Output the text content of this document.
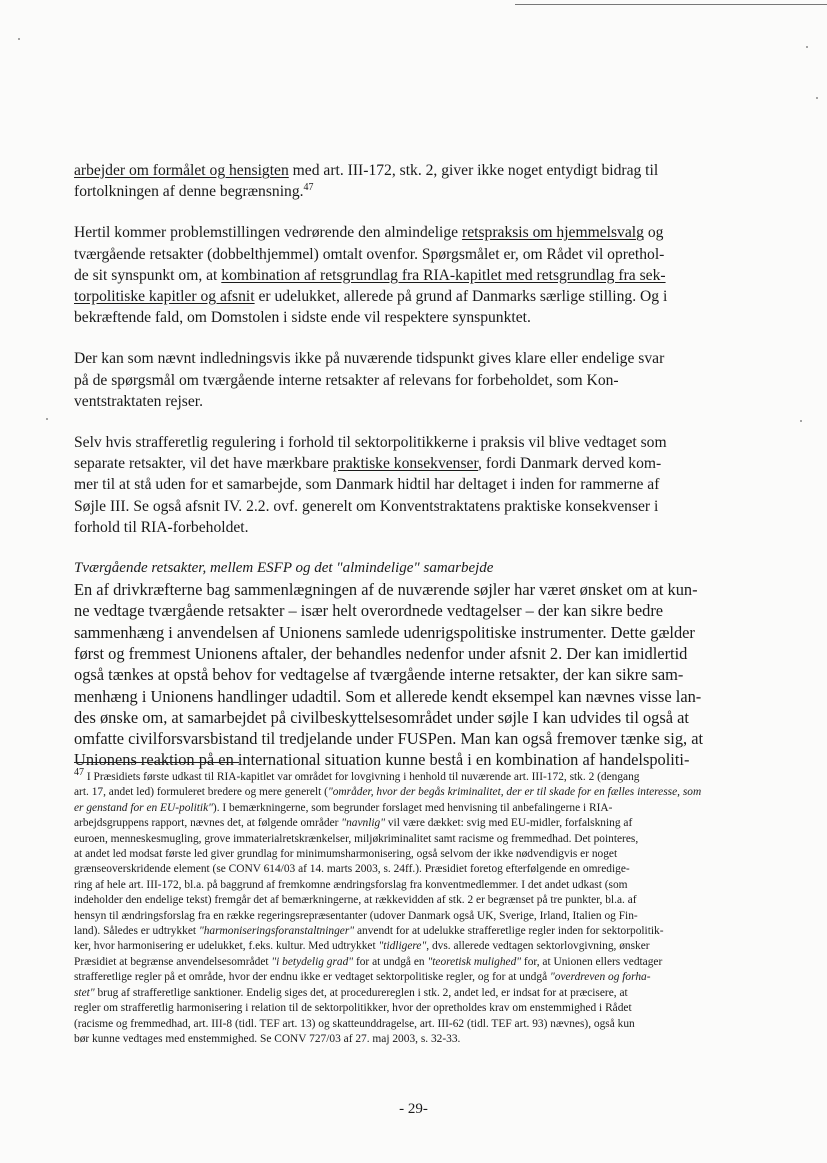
arbejder om formålet og hensigten med art. III-172, stk. 2, giver ikke noget entydigt bidrag til
fortolkningen af denne begrænsning.$^{47}$

Hertil kommer problemstillingen vedrørende den almindelige retspraksis om hjemmelsvalg og
tværgående retsakter (dobbelthjemmel) omtalt ovenfor. Spørgsmålet er, om Rådet vil oprethol-
de sit synspunkt om, at kombination af retsgrundlag fra RIA-kapitlet med retsgrundlag fra sek-
torpolitiske kapitler og afsnit er udelukket, allerede på grund af Danmarks særlige stilling. Og i
bekræftende fald, om Domstolen i sidste ende vil respektere synspunktet.

Der kan som nævnt indledningsvis ikke på nuværende tidspunkt gives klare eller endelige svar
på de spørgsmål om tværgående interne retsakter af relevans for forbeholdet, som Kon-
ventstraktaten rejser.

Selv hvis strafferetlig regulering i forhold til sektorpolitikkerne i praksis vil blive vedtaget som
separate retsakter, vil det have mærkbare praktiske konsekvenser, fordi Danmark derved kom-
mer til at stå uden for et samarbejde, som Danmark hidtil har deltaget i inden for rammerne af
Søjle III. Se også afsnit IV. 2.2. ovf. generelt om Konventstraktatens praktiske konsekvenser i
forhold til RIA-forbeholdet.

Tværgående retsakter, mellem ESFP og det "almindelige" samarbejde

En af drivkræfterne bag sammenlægningen af de nuværende søjler har været ønsket om at kun-
ne vedtage tværgående retsakter – især helt overordnede vedtagelser – der kan sikre bedre
sammenhæng i anvendelsen af Unionens samlede udenrigspolitiske instrumenter. Dette gælder
først og fremmest Unionens aftaler, der behandles nedenfor under afsnit 2. Der kan imidlertid
også tænkes at opstå behov for vedtagelse af tværgående interne retsakter, der kan sikre sam-
menhæng i Unionens handlinger udadtil. Som et allerede kendt eksempel kan nævnes visse lan-
des ønske om, at samarbejdet på civilbeskyttelsesområdet under søjle I kan udvides til også at
omfatte civilforsvarsbistand til tredjelande under FUSPen. Man kan også fremover tænke sig, at
Unionens reaktion på en international situation kunne bestå i en kombination af handelspoliti-

47 I Præsidiets første udkast til RIA-kapitlet var området for lovgivning i henhold til nuværende art. III-172, stk. 2 (dengang
art. 17, andet led) formuleret bredere og mere generelt ("områder, hvor der begås kriminalitet, der er til skade for en fælles interesse, som
er genstand for en EU-politik"). I bemærkningerne, som begrunder forslaget med henvisning til anbefalingerne i RIA-
arbejdsgruppens rapport, nævnes det, at følgende områder "navnlig" vil være dækket: svig med EU-midler, forfalskning af
euroen, menneskesmugling, grove immaterialretskrænkelser, miljøkriminalitet samt racisme og fremmedhad. Det pointeres,
at andet led modsat første led giver grundlag for minimumsharmonisering, også selvom der ikke nødvendigvis er noget
grænseoverskridende element (se CONV 614/03 af 14. marts 2003, s. 24ff.). Præsidiet foretog efterfølgende en omredige-
ring af hele art. III-172, bl.a. på baggrund af fremkomne ændringsforslag fra konventmedlemmer. I det andet udkast (som
indeholder den endelige tekst) fremgår det af bemærkningerne, at rækkevidden af stk. 2 er begrænset på tre punkter, bl.a. af
hensyn til ændringsforslag fra en række regeringsrepræsentanter (udover Danmark også UK, Sverige, Irland, Italien og Fin-
land). Således er udtrykket "harmoniseringsforanstaltninger" anvendt for at udelukke strafferetlige regler inden for sektorpolitik-
ker, hvor harmonisering er udelukket, f.eks. kultur. Med udtrykket "tidligere", dvs. allerede vedtagen sektorlovgivning, ønsker
Præsidiet at begrænse anvendelsesområdet "i betydelig grad" for at undgå en "teoretisk mulighed" for, at Unionen ellers vedtager
strafferetlige regler på et område, hvor der endnu ikke er vedtaget sektorpolitiske regler, og for at undgå "overdreven og forha-
stet" brug af strafferetlige sanktioner. Endelig siges det, at procedurereglen i stk. 2, andet led, er indsat for at præcisere, at
regler om strafferetlig harmonisering i relation til de sektorpolitikker, hvor der opretholdes krav om enstemmighed i Rådet
(racisme og fremmedhad, art. III-8 (tidl. TEF art. 13) og skatteunddragelse, art. III-62 (tidl. TEF art. 93) nævnes), også kun
bør kunne vedtages med enstemmighed. Se CONV 727/03 af 27. maj 2003, s. 32-33.
- 29-
